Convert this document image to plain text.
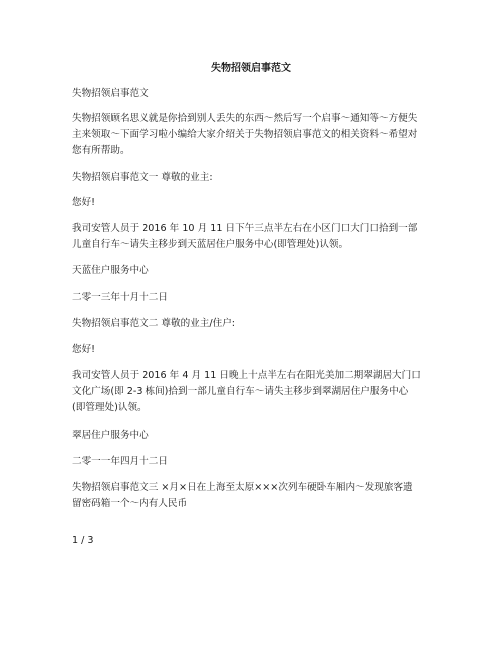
失物招领启事范文
失物招领启事范文
失物招领顾名思义就是你拾到别人丢失的东西～然后写一个启事～通知等～方便失
主来领取～下面学习啦小编给大家介绍关于失物招领启事范文的相关资料～希望对
您有所帮助。
失物招领启事范文一 尊敬的业主:
您好!
我司安管人员于 2016 年 10 月 11 日下午三点半左右在小区门口大门口拾到一部
儿童自行车～请失主移步到天蓝居住户服务中心(即管理处)认领。
天蓝住户服务中心
二零一三年十月十二日
失物招领启事范文二 尊敬的业主/住户:
您好!
我司安管人员于 2016 年 4 月 11 日晚上十点半左右在阳光美加二期翠湖居大门口
文化广场(即 2-3 栋间)拾到一部儿童自行车～请失主移步到翠湖居住户服务中心
(即管理处)认领。
翠居住户服务中心
二零一一年四月十二日
失物招领启事范文三 ×月×日在上海至太原×××次列车硬卧车厢内～发现旅客遗
留密码箱一个～内有人民币
1 / 3
